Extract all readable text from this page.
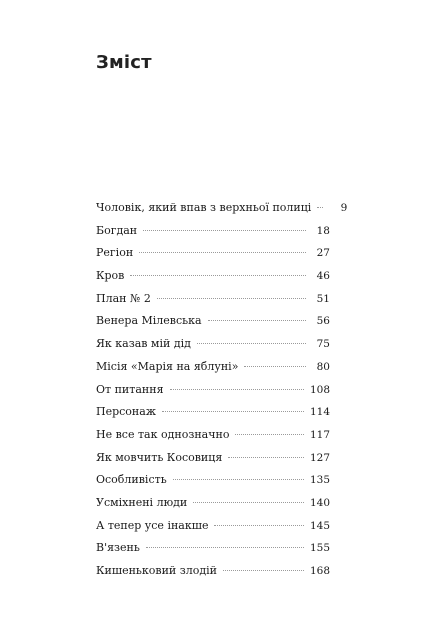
Зміст
Чоловік, який впав з верхньої полиці	9
Богдан	18
Регіон	27
Кров	46
План № 2	51
Венера Мілевська	56
Як казав мій дід	75
Місія «Марія на яблуні»	80
От питання	108
Персонаж	114
Не все так однозначно	117
Як мовчить Косовиця	127
Особливість	135
Усміхнені люди	140
А тепер усе інакше	145
В'язень	155
Кишеньковий злодій	168
